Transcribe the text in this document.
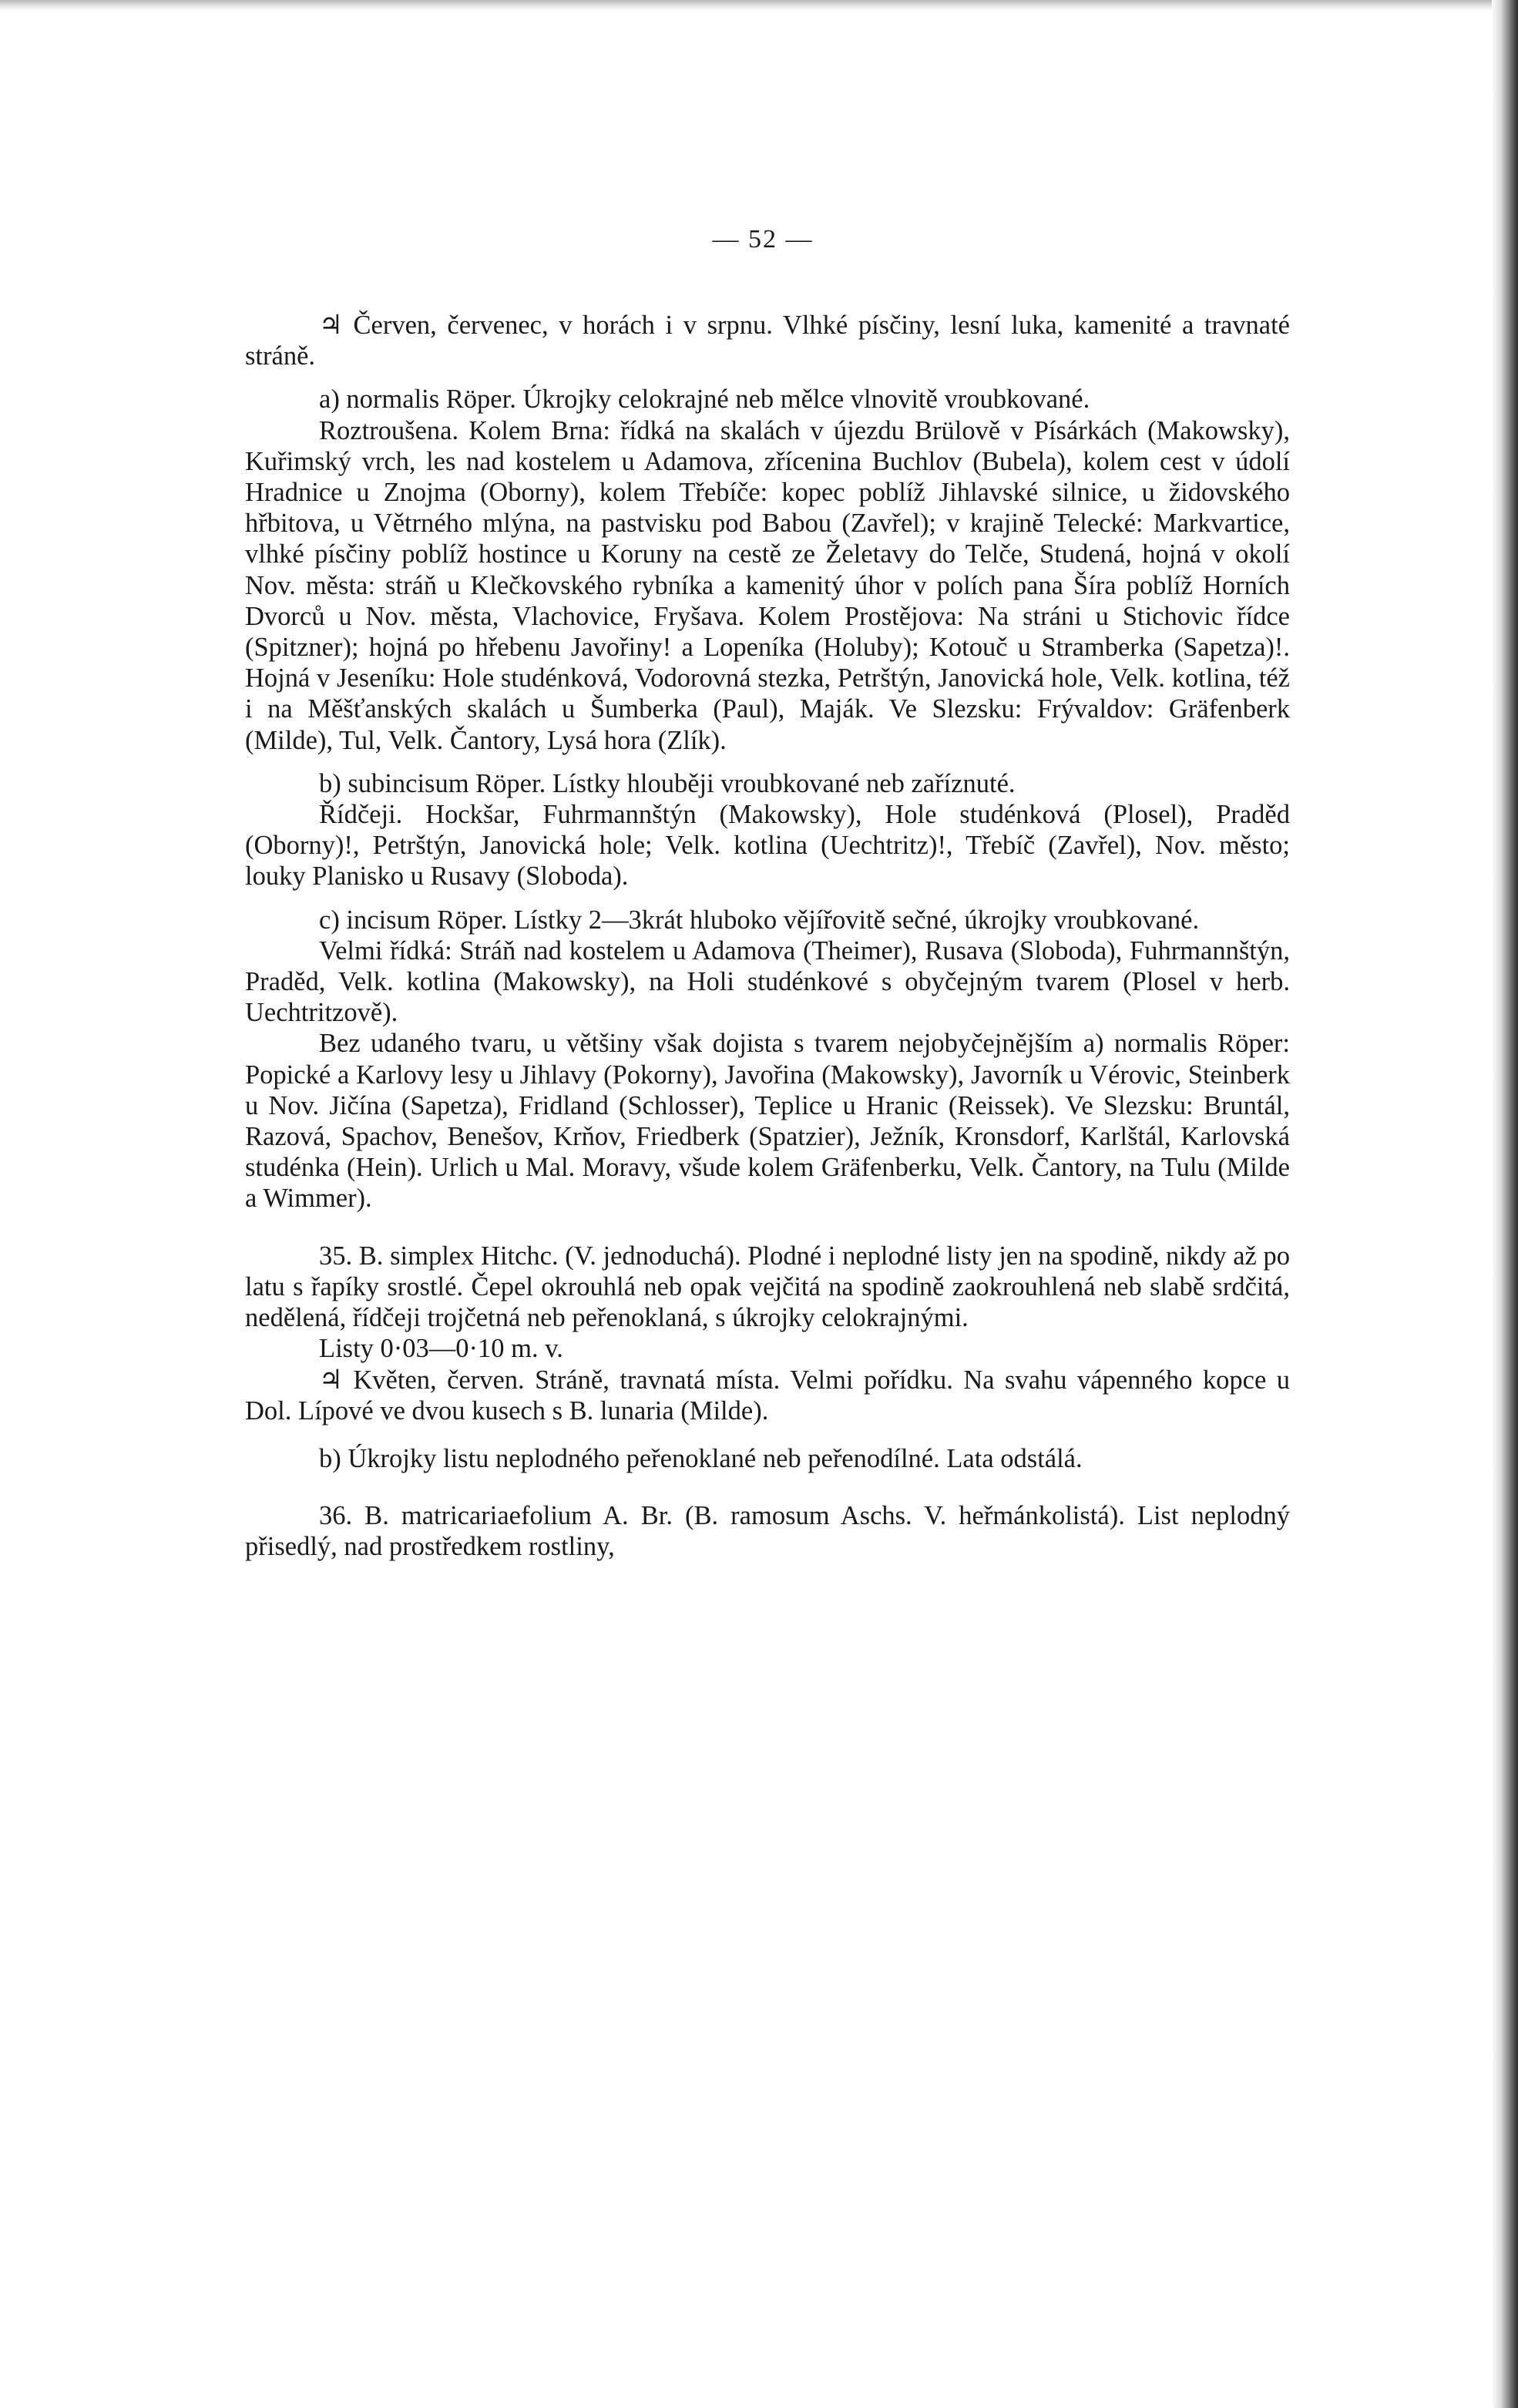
— 52 —

♃ Červen, červenec, v horách i v srpnu. Vlhké písčiny, lesní luka, kamenité a travnaté stráně.

a) normalis Röper. Úkrojky celokrajné neb mělce vlnovitě vroubkované.

Roztroušena. Kolem Brna: řídká na skalách v újezdu Brülově v Písárkách (Makowsky), Kuřimský vrch, les nad kostelem u Adamova, zřícenina Buchlov (Bubela), kolem cest v údolí Hradnice u Znojma (Oborny), kolem Třebíče: kopec poblíž Jihlavské silnice, u židovského hřbitova, u Větrného mlýna, na pastvisku pod Babou (Zavřel); v krajině Telecké: Markvartice, vlhké písčiny poblíž hostince u Koruny na cestě ze Želetavy do Telče, Studená, hojná v okolí Nov. města: stráň u Klečkovského rybníka a kamenitý úhor v polích pana Šíra poblíž Horních Dvorců u Nov. města, Vlachovice, Fryšava. Kolem Prostějova: Na stráni u Stichovic řídce (Spitzner); hojná po hřebenu Javořiny! a Lopeníka (Holuby); Kotouč u Stramberka (Sapetza)!. Hojná v Jeseníku: Hole studénková, Vodorovná stezka, Petrštýn, Janovická hole, Velk. kotlina, též i na Měšťanských skalách u Šumberka (Paul), Maják. Ve Slezsku: Frývaldov: Gräfenberk (Milde), Tul, Velk. Čantory, Lysá hora (Zlík).

b) subincisum Röper. Lístky hlouběji vroubkované neb zaříznuté.

Řídčeji. Hockšar, Fuhrmannštýn (Makowsky), Hole studénková (Plosel), Praděd (Oborny)!, Petrštýn, Janovická hole; Velk. kotlina (Uechtritz)!, Třebíč (Zavřel), Nov. město; louky Planisko u Rusavy (Sloboda).

c) incisum Röper. Lístky 2—3krát hluboko vějířovitě sečné, úkrojky vroubkované.

Velmi řídká: Stráň nad kostelem u Adamova (Theimer), Rusava (Sloboda), Fuhrmannštýn, Praděd, Velk. kotlina (Makowsky), na Holi studénkové s obyčejným tvarem (Plosel v herb. Uechtritzově).

Bez udaného tvaru, u většiny však dojista s tvarem nejobyčejnějším a) normalis Röper: Popické a Karlovy lesy u Jihlavy (Pokorny), Javořina (Makowsky), Javorník u Vérovic, Steinberk u Nov. Jičína (Sapetza), Fridland (Schlosser), Teplice u Hranic (Reissek). Ve Slezsku: Bruntál, Razová, Spachov, Benešov, Krňov, Friedberk (Spatzier), Ježník, Kronsdorf, Karlštál, Karlovská studénka (Hein). Urlich u Mal. Moravy, všude kolem Gräfenberku, Velk. Čantory, na Tulu (Milde a Wimmer).

35. B. simplex Hitchc. (V. jednoduchá). Plodné i neplodné listy jen na spodině, nikdy až po latu s řapíky srostlé. Čepel okrouhlá neb opak vejčitá na spodině zaokrouhlená neb slabě srdčitá, nedělená, řídčeji trojčetná neb peřenoklaná, s úkrojky celokrajnými.

Listy 0·03—0·10 m. v.

♃ Květen, červen. Stráně, travnatá místa. Velmi pořídku. Na svahu vápenného kopce u Dol. Lípové ve dvou kusech s B. lunaria (Milde).

b) Úkrojky listu neplodného peřenoklané neb peřenodílné. Lata odstálá.

36. B. matricariaefolium A. Br. (B. ramosum Aschs. V. heřmánkolistá). List neplodný přisedlý, nad prostředkem rostliny,
